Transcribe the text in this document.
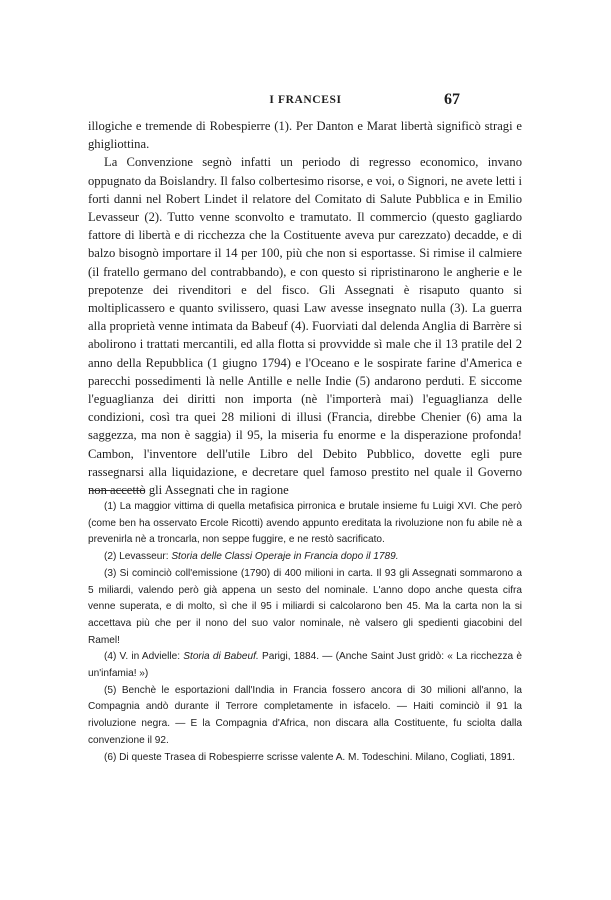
I FRANCESI	67

illogiche e tremende di Robespierre (1). Per Danton e Marat libertà significò stragi e ghigliottina.

La Convenzione segnò infatti un periodo di regresso economico, invano oppugnato da Boislandry. Il falso colbertesimo risorse, e voi, o Signori, ne avete letti i forti danni nel Robert Lindet il relatore del Comitato di Salute Pubblica e in Emilio Levasseur (2). Tutto venne sconvolto e tramutato. Il commercio (questo gagliardo fattore di libertà e di ricchezza che la Costituente aveva pur carezzato) decadde, e di balzo bisognò importare il 14 per 100, più che non si esportasse. Si rimise il calmiere (il fratello germano del contrabbando), e con questo si ripristinarono le angherie e le prepotenze dei rivenditori e del fisco. Gli Assegnati è risaputo quanto si moltiplicassero e quanto svilissero, quasi Law avesse insegnato nulla (3). La guerra alla proprietà venne intimata da Babeuf (4). Fuorviati dal delenda Anglia di Barrère si abolirono i trattati mercantili, ed alla flotta si provvidde sì male che il 13 pratile del 2 anno della Repubblica (1 giugno 1794) e l'Oceano e le sospirate farine d'America e parecchi possedimenti là nelle Antille e nelle Indie (5) andarono perduti. E siccome l'eguaglianza dei diritti non importa (nè l'importerà mai) l'eguaglianza delle condizioni, così tra quei 28 milioni di illusi (Francia, direbbe Chenier (6) ama la saggezza, ma non è saggia) il 95, la miseria fu enorme e la disperazione profonda! Cambon, l'inventore dell'utile Libro del Debito Pubblico, dovette egli pure rassegnarsi alla liquidazione, e decretare quel famoso prestito nel quale il Governo non accettò gli Assegnati che in ragione

(1) La maggior vittima di quella metafisica pirronica e brutale insieme fu Luigi XVI. Che però (come ben ha osservato Ercole Ricotti) avendo appunto ereditata la rivoluzione non fu abile nè a prevenirla nè a troncarla, non seppe fuggire, e ne restò sacrificato.

(2) Levasseur: Storia delle Classi Operaje in Francia dopo il 1789.

(3) Si cominciò coll'emissione (1790) di 400 milioni in carta. Il 93 gli Assegnati sommarono a 5 miliardi, valendo però già appena un sesto del nominale. L'anno dopo anche questa cifra venne superata, e di molto, sì che il 95 i miliardi si calcolarono ben 45. Ma la carta non la si accettava più che per il nono del suo valor nominale, nè valsero gli spedienti giacobini del Ramel!

(4) V. in Advielle: Storia di Babeuf. Parigi, 1884. — (Anche Saint Just gridò: « La ricchezza è un'infamia! »)

(5) Benchè le esportazioni dall'India in Francia fossero ancora di 30 milioni all'anno, la Compagnia andò durante il Terrore completamente in isfacelo. — Haiti cominciò il 91 la rivoluzione negra. — E la Compagnia d'Africa, non discara alla Costituente, fu sciolta dalla convenzione il 92.

(6) Di queste Trasea di Robespierre scrisse valente A. M. Todeschini. Milano, Cogliati, 1891.
